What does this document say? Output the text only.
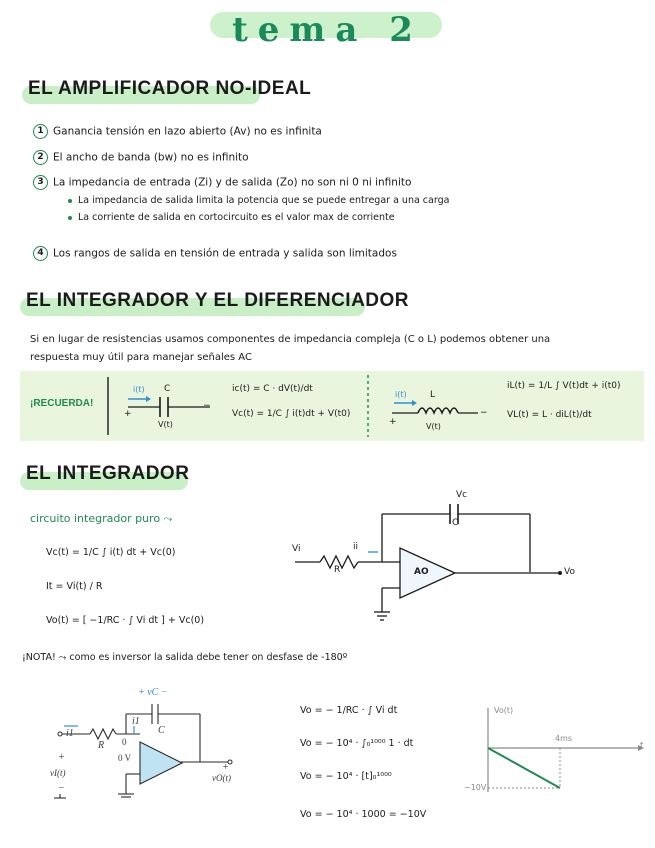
tema 2
EL AMPLIFICADOR NO-IDEAL
1 Ganancia tensión en lazo abierto (Av) no es infinita
2 El ancho de banda (bw) no es infinito
3 La impedancia de entrada (Zi) y de salida (Zo) no son ni 0 ni infinito
La impedancia de salida limita la potencia que se puede entregar a una carga
La corriente de salida en cortocircuito es el valor max de corriente
4 Los rangos de salida en tensión de entrada y salida son limitados
EL INTEGRADOR Y EL DIFERENCIADOR
Si en lugar de resistencias usamos componentes de impedancia compleja (C o L) podemos obtener una
respuesta muy útil para manejar señales AC
¡RECUERDA!
i(t) C
+
−
V(t)
ic(t) = C · dV(t)/dt
Vc(t) = 1/C ∫ i(t)dt + V(t0)
i(t)	L
+
−
V(t)
iL(t) = 1/L ∫ V(t)dt + i(t0)
VL(t) = L · diL(t)/dt
EL INTEGRADOR
circuito integrador puro ⤳
Vc(t) = 1/C ∫ i(t) dt + Vc(0)
It = Vi(t) / R
Vo(t) = [ −1/RC · ∫ Vi dt ] + Vc(0)
¡NOTA! ⤳ como es inversor la salida debe tener on desfase de -180º
Vi	ii
R
C
Vc
AO	Vo
+ vC −
i1
C
i1
R 0
0 V
+
vI(t)	+
vO(t)
−
Vo = − 1/RC · ∫ Vi dt
Vo = − 10⁴ · ∫₀¹⁰⁰⁰ 1 · dt
Vo = − 10⁴ · [t]₀¹⁰⁰⁰
Vo = − 10⁴ · 1000 = −10V
Vo(t)
t
4ms
−10V
